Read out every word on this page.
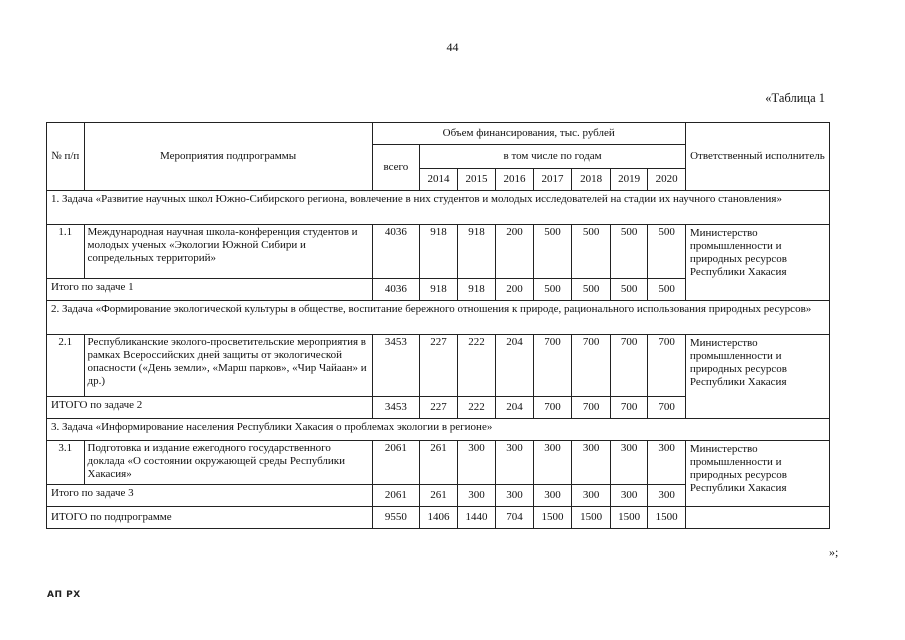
44
«Таблица 1
№ п/п	Мероприятия подпрограммы	Объем финансирования, тыс. рублей								Ответственный исполнитель
		всего	в том числе по годам							
			2014	2015	2016	2017	2018	2019	2020	
1. Задача «Развитие научных школ Южно-Сибирского региона, вовлечение в них студентов и молодых исследователей на стадии их научного становления»										
1.1	Международная научная школа-конференция студентов и молодых ученых «Экологии Южной Сибири и сопредельных территорий»	4036	918	918	200	500	500	500	500	Министерство промышленности и природных ресурсов Республики Хакасия
Итого по задаче 1		4036	918	918	200	500	500	500	500	
2. Задача «Формирование экологической культуры в обществе, воспитание бережного отношения к природе, рационального использования природных ресурсов»										
2.1	Республиканские эколого-просветительские мероприятия в рамках Всероссийских дней защиты от экологической опасности («День земли», «Марш парков», «Чир Чайаан» и др.)	3453	227	222	204	700	700	700	700	Министерство промышленности и природных ресурсов Республики Хакасия
ИТОГО по задаче 2		3453	227	222	204	700	700	700	700	
3. Задача «Информирование населения Республики Хакасия о проблемах экологии в регионе»										
3.1	Подготовка и издание ежегодного государственного доклада «О состоянии окружающей среды Республики Хакасия»	2061	261	300	300	300	300	300	300	Министерство промышленности и природных ресурсов Республики Хакасия
Итого по задаче 3		2061	261	300	300	300	300	300	300	
ИТОГО по подпрограмме		9550	1406	1440	704	1500	1500	1500	1500	
»;
АП РХ
